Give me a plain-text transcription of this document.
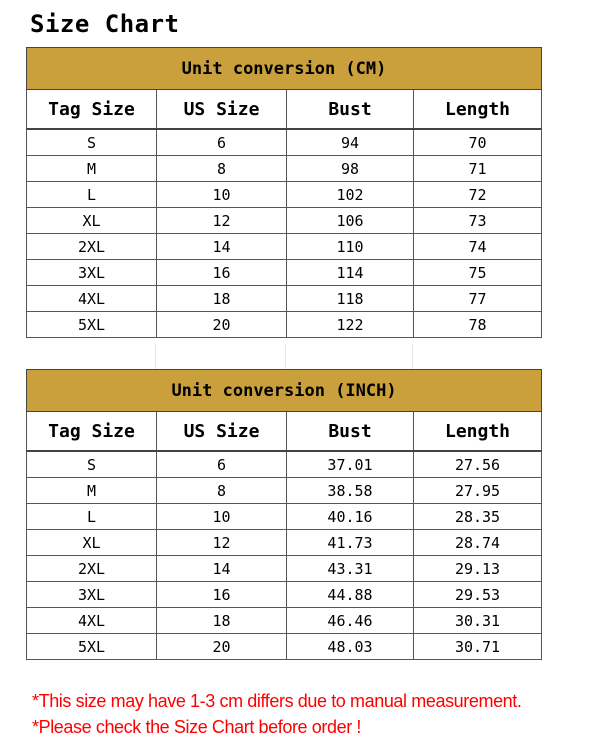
Size Chart
Unit conversion (CM)			
Tag Size	US Size	Bust	Length
S	6	94	70
M	8	98	71
L	10	102	72
XL	12	106	73
2XL	14	110	74
3XL	16	114	75
4XL	18	118	77
5XL	20	122	78
Unit conversion (INCH)			
Tag Size	US Size	Bust	Length
S	6	37.01	27.56
M	8	38.58	27.95
L	10	40.16	28.35
XL	12	41.73	28.74
2XL	14	43.31	29.13
3XL	16	44.88	29.53
4XL	18	46.46	30.31
5XL	20	48.03	30.71
*This size may have 1-3 cm differs due to manual measurement.
*Please check the Size Chart before order !
